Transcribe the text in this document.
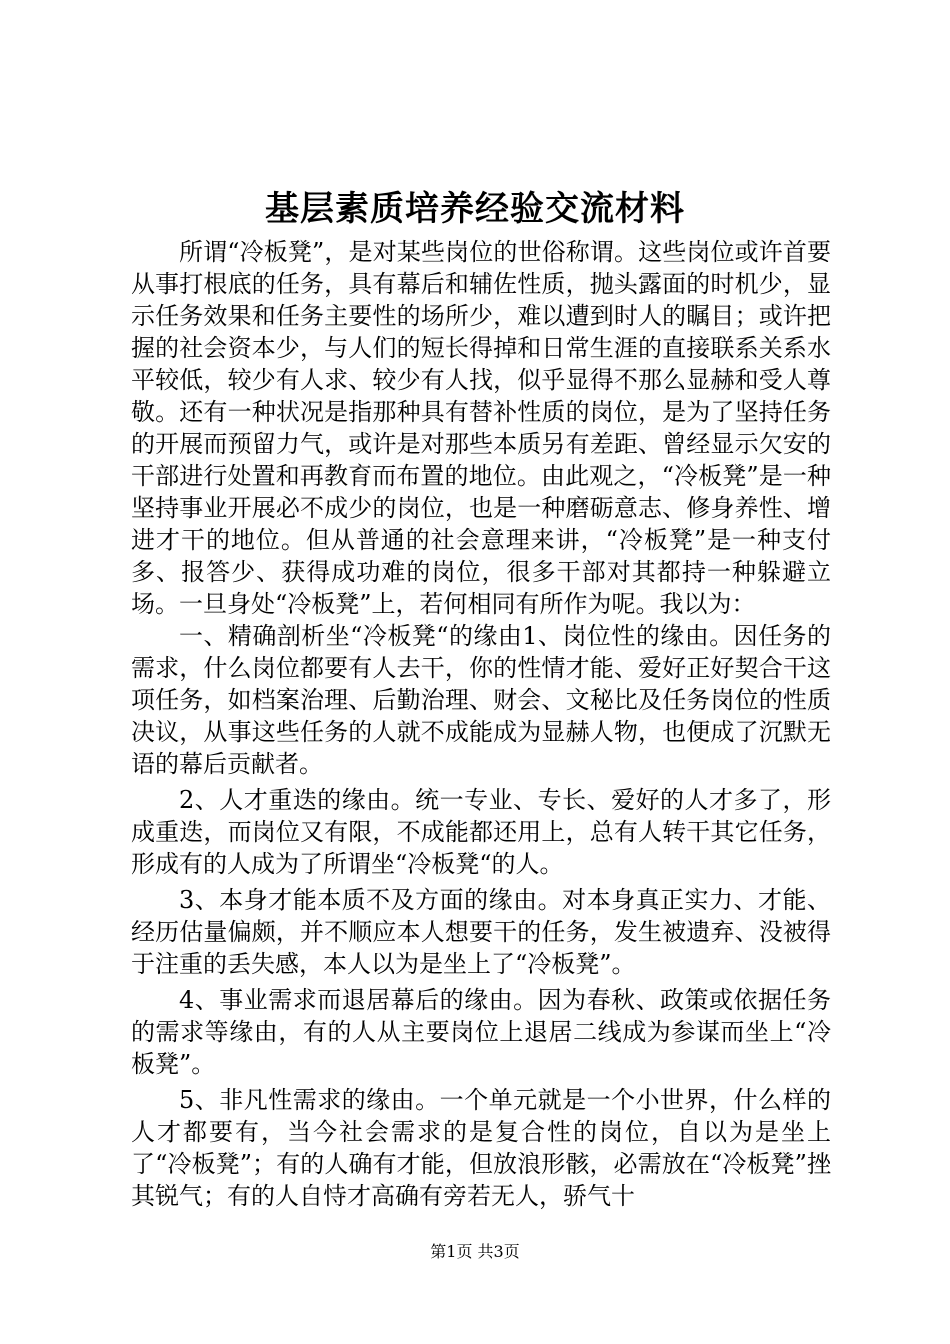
基层素质培养经验交流材料

所谓“冷板凳”，是对某些岗位的世俗称谓。这些岗位或许首要从事打根底的任务，具有幕后和辅佐性质，抛头露面的时机少，显示任务效果和任务主要性的场所少，难以遭到时人的瞩目；或许把握的社会资本少，与人们的短长得掉和日常生涯的直接联系关系水平较低，较少有人求、较少有人找，似乎显得不那么显赫和受人尊敬。还有一种状况是指那种具有替补性质的岗位，是为了坚持任务的开展而预留力气，或许是对那些本质另有差距、曾经显示欠安的干部进行处置和再教育而布置的地位。由此观之，“冷板凳”是一种坚持事业开展必不成少的岗位，也是一种磨砺意志、修身养性、增进才干的地位。但从普通的社会意理来讲，“冷板凳”是一种支付多、报答少、获得成功难的岗位，很多干部对其都持一种躲避立场。一旦身处“冷板凳”上，若何相同有所作为呢。我以为：

一、精确剖析坐“冷板凳“的缘由1、岗位性的缘由。因任务的需求，什么岗位都要有人去干，你的性情才能、爱好正好契合干这项任务，如档案治理、后勤治理、财会、文秘比及任务岗位的性质决议，从事这些任务的人就不成能成为显赫人物，也便成了沉默无语的幕后贡献者。

2、人才重迭的缘由。统一专业、专长、爱好的人才多了，形成重迭，而岗位又有限，不成能都还用上，总有人转干其它任务，形成有的人成为了所谓坐“冷板凳“的人。

3、本身才能本质不及方面的缘由。对本身真正实力、才能、经历估量偏颇，并不顺应本人想要干的任务，发生被遗弃、没被得于注重的丢失感，本人以为是坐上了“冷板凳”。

4、事业需求而退居幕后的缘由。因为春秋、政策或依据任务的需求等缘由，有的人从主要岗位上退居二线成为参谋而坐上“冷板凳”。

5、非凡性需求的缘由。一个单元就是一个小世界，什么样的人才都要有，当今社会需求的是复合性的岗位，自以为是坐上了“冷板凳”；有的人确有才能，但放浪形骸，必需放在“冷板凳”挫其锐气；有的人自恃才高确有旁若无人，骄气十

第1页 共3页
